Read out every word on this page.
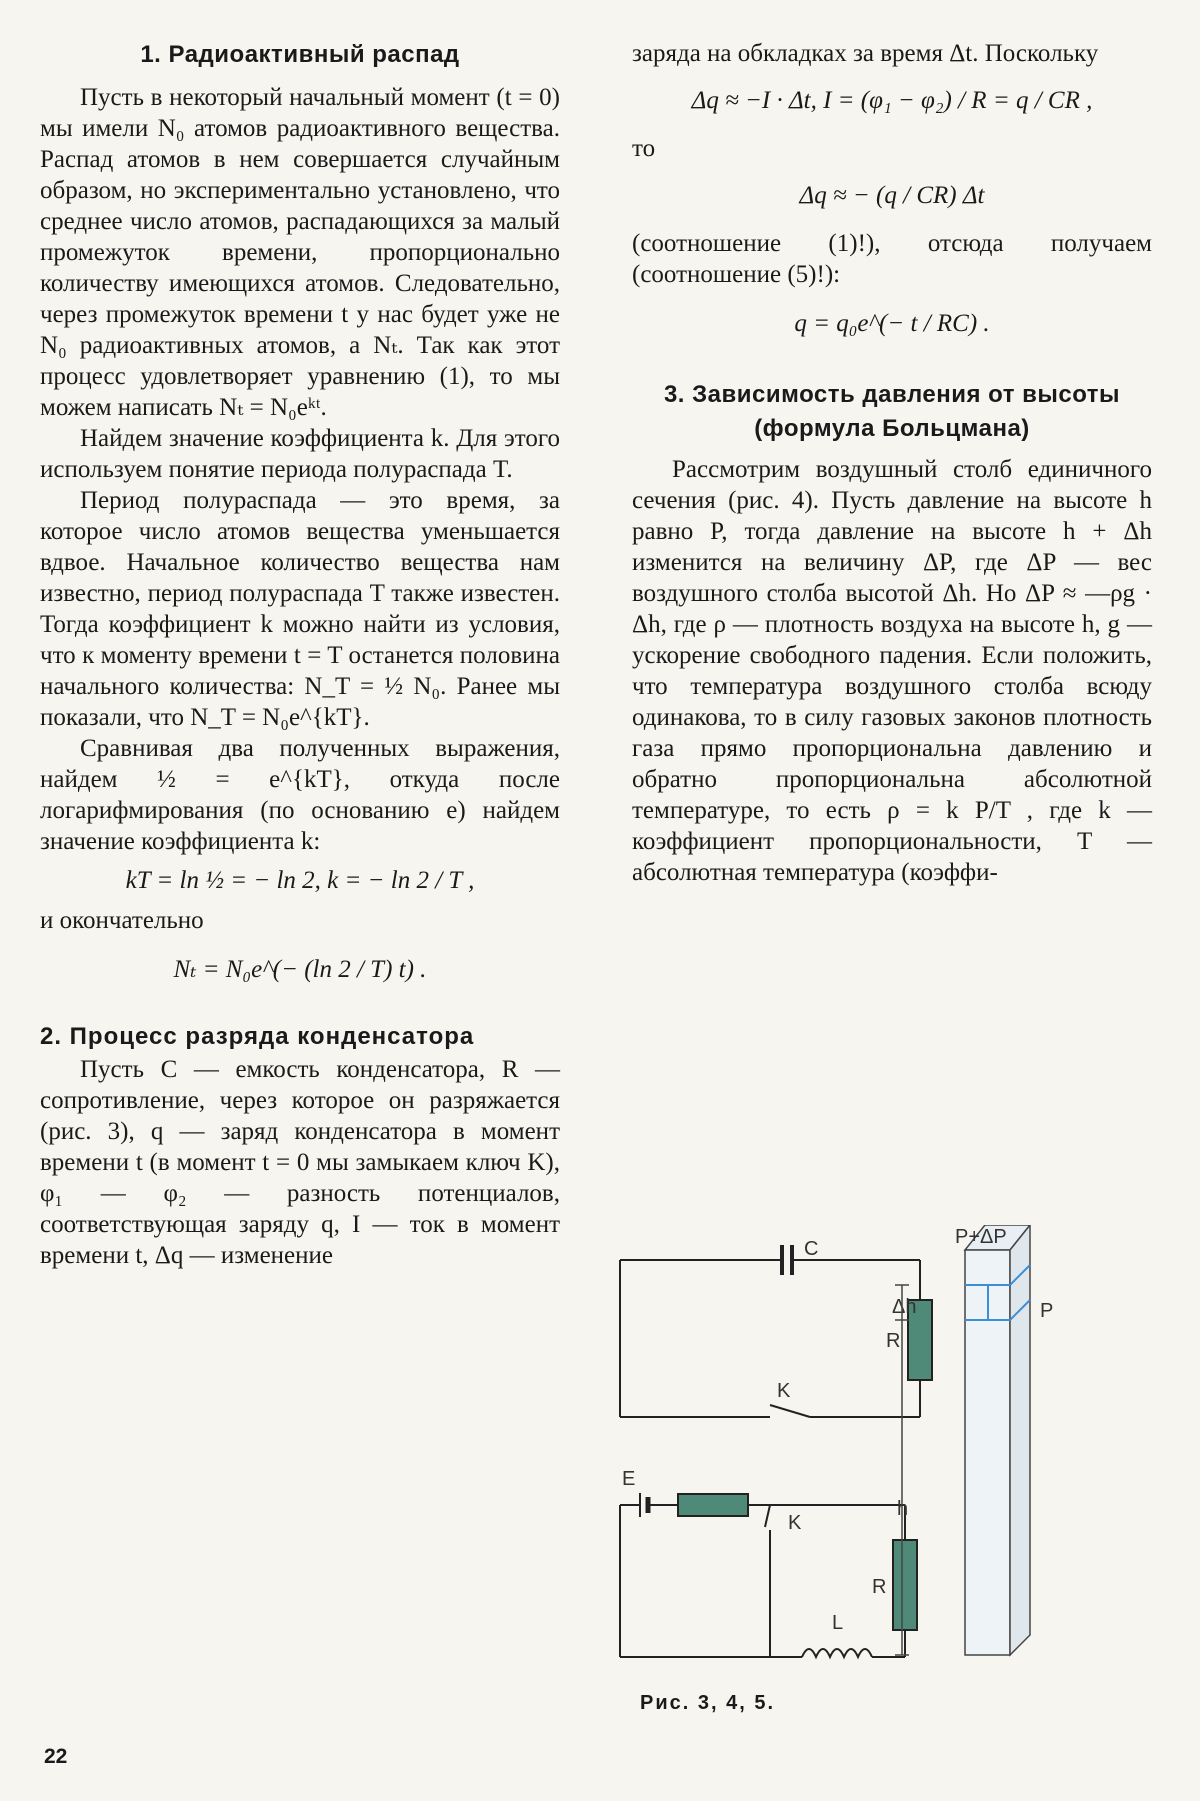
1. Радиоактивный распад

Пусть в некоторый начальный момент (t = 0) мы имели N₀ атомов радиоактивного вещества. Распад атомов в нем совершается случайным образом, но экспериментально установлено, что среднее число атомов, распадающихся за малый промежуток времени, пропорционально количеству имеющихся атомов. Следовательно, через промежуток времени t у нас будет уже не N₀ радиоактивных атомов, а Nₜ. Так как этот процесс удовлетворяет уравнению (1), то мы можем написать Nₜ = N₀eᵏᵗ.

Найдем значение коэффициента k. Для этого используем понятие периода полураспада T.

Период полураспада — это время, за которое число атомов вещества уменьшается вдвое. Начальное количество вещества нам известно, период полураспада T также известен. Тогда коэффициент k можно найти из условия, что к моменту времени t = T останется половина начального количества: N_T = ½ N₀. Ранее мы показали, что N_T = N₀e^{kT}.

Сравнивая два полученных выражения, найдем ½ = e^{kT}, откуда после логарифмирования (по основанию e) найдем значение коэффициента k:

kT = ln ½ = − ln 2, k = − ln 2 / T ,

и окончательно

Nₜ = N₀e^(− (ln 2 / T) t) .
2. Процесс разряда конденсатора

Пусть C — емкость конденсатора, R — сопротивление, через которое он разряжается (рис. 3), q — заряд конденсатора в момент времени t (в момент t = 0 мы замыкаем ключ K), φ₁ — φ₂ — разность потенциалов, соответствующая заряду q, I — ток в момент времени t, Δq — изменение

заряда на обкладках за время Δt. Поскольку

Δq ≈ −I · Δt, I = (φ₁ − φ₂) / R = q / CR ,

то

Δq ≈ − (q / CR) Δt

(соотношение (1)!), отсюда получаем (соотношение (5)!):

q = q₀e^(− t / RC) .
3. Зависимость давления от высоты
(формула Больцмана)

Рассмотрим воздушный столб единичного сечения (рис. 4). Пусть давление на высоте h равно P, тогда давление на высоте h + Δh изменится на величину ΔP, где ΔP — вес воздушного столба высотой Δh. Но ΔP ≈ —ρg · Δh, где ρ — плотность воздуха на высоте h, g — ускорение свободного падения. Если положить, что температура воздушного столба всюду одинакова, то в силу газовых законов плотность газа прямо пропорциональна давлению и обратно пропорциональна абсолютной температуре, то есть ρ = k P/T , где k — коэффициент пропорциональности, T — абсолютная температура (коэффи-

C
R
K
E
K
R
L
P+ΔP
P
Δh
h
Рис. 3, 4, 5.
22
